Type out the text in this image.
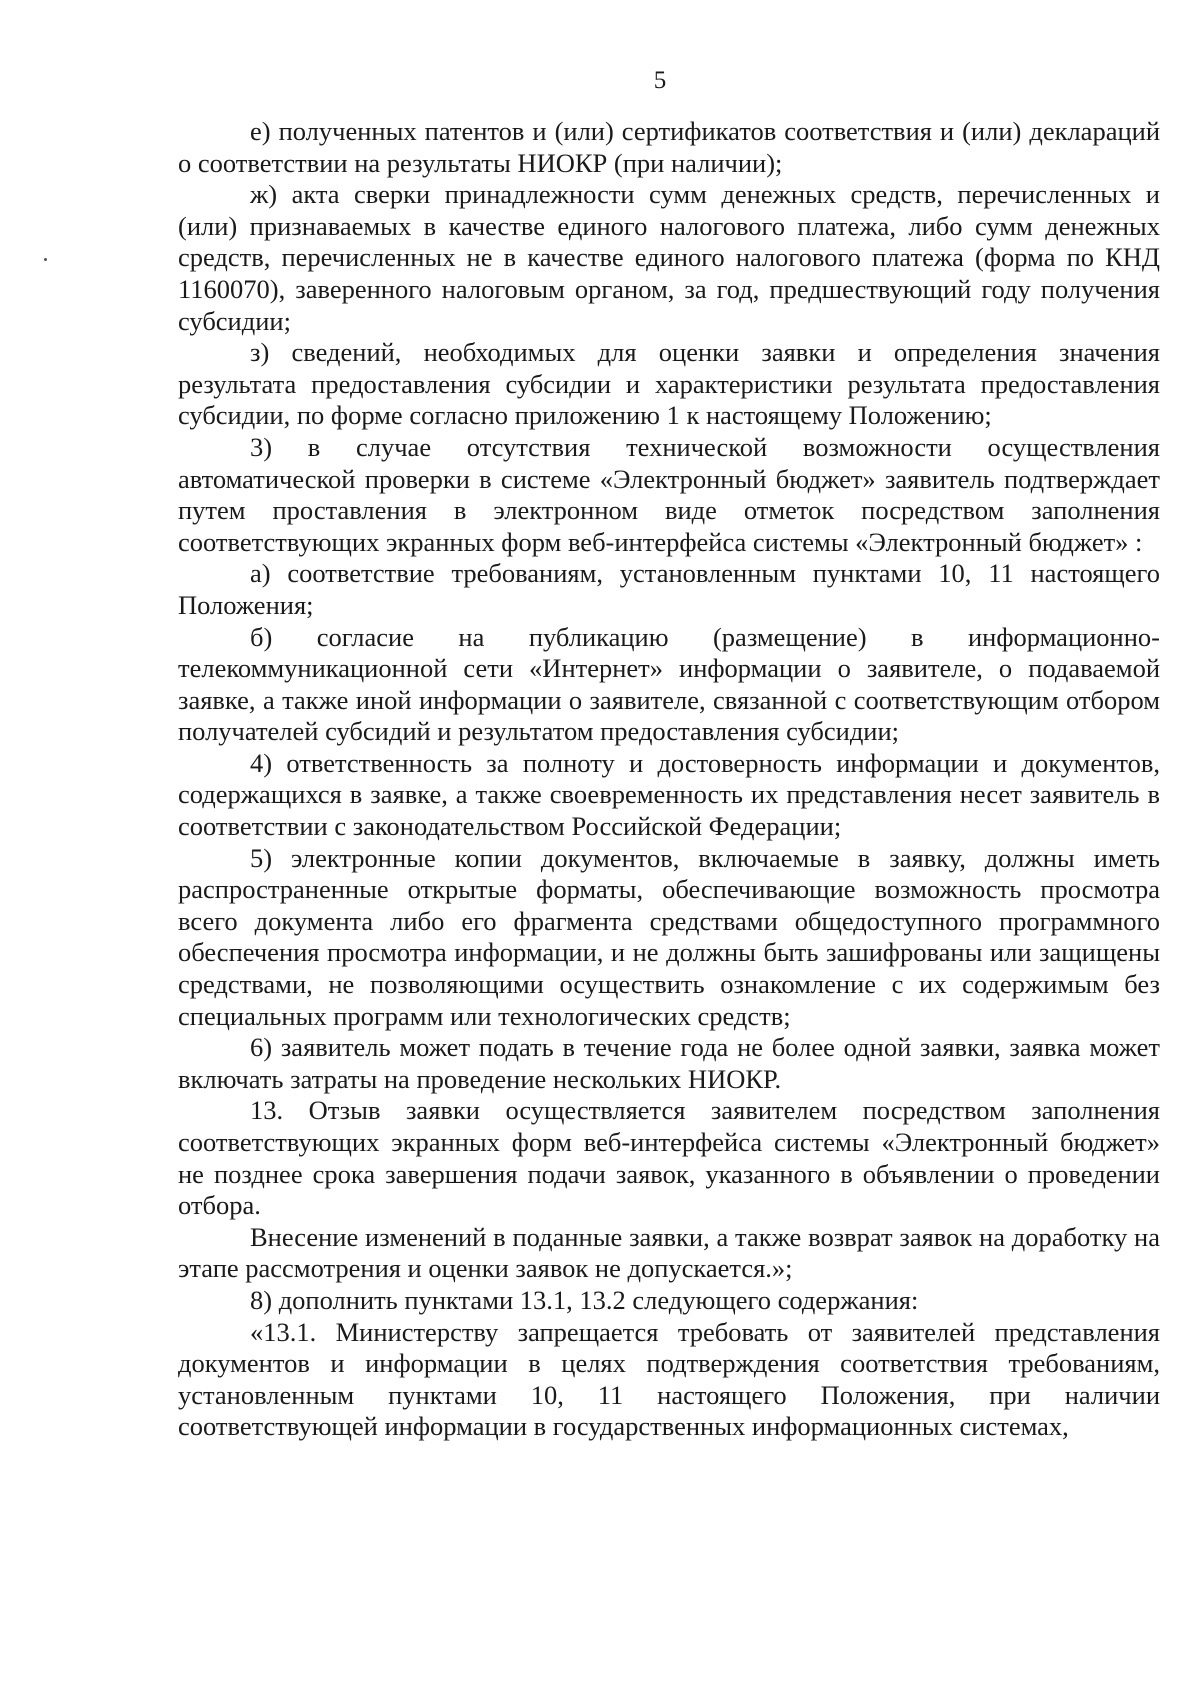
5

е) полученных патентов и (или) сертификатов соответствия и (или) деклараций о соответствии на результаты НИОКР (при наличии);

ж) акта сверки принадлежности сумм денежных средств, перечисленных и (или) признаваемых в качестве единого налогового платежа, либо сумм денежных средств, перечисленных не в качестве единого налогового платежа (форма по КНД 1160070), заверенного налоговым органом, за год, предшествующий году получения субсидии;

з) сведений, необходимых для оценки заявки и определения значения результата предоставления субсидии и характеристики результата предоставления субсидии, по форме согласно приложению 1 к настоящему Положению;

3) в случае отсутствия технической возможности осуществления автоматической проверки в системе «Электронный бюджет» заявитель подтверждает путем проставления в электронном виде отметок посредством заполнения соответствующих экранных форм веб-интерфейса системы «Электронный бюджет» :

а) соответствие требованиям, установленным пунктами 10, 11 настоящего Положения;

б) согласие на публикацию (размещение) в информационно-телекоммуникационной сети «Интернет» информации о заявителе, о подаваемой заявке, а также иной информации о заявителе, связанной с соответствующим отбором получателей субсидий и результатом предоставления субсидии;

4) ответственность за полноту и достоверность информации и документов, содержащихся в заявке, а также своевременность их представления несет заявитель в соответствии с законодательством Российской Федерации;

5) электронные копии документов, включаемые в заявку, должны иметь распространенные открытые форматы, обеспечивающие возможность просмотра всего документа либо его фрагмента средствами общедоступного программного обеспечения просмотра информации, и не должны быть зашифрованы или защищены средствами, не позволяющими осуществить ознакомление с их содержимым без специальных программ или технологических средств;

6) заявитель может подать в течение года не более одной заявки, заявка может включать затраты на проведение нескольких НИОКР.

13. Отзыв заявки осуществляется заявителем посредством заполнения соответствующих экранных форм веб-интерфейса системы «Электронный бюджет» не позднее срока завершения подачи заявок, указанного в объявлении о проведении отбора.

Внесение изменений в поданные заявки, а также возврат заявок на доработку на этапе рассмотрения и оценки заявок не допускается.»;

8) дополнить пунктами 13.1, 13.2 следующего содержания:

«13.1. Министерству запрещается требовать от заявителей представления документов и информации в целях подтверждения соответствия требованиям, установленным пунктами 10, 11 настоящего Положения, при наличии соответствующей информации в государственных информационных системах,
